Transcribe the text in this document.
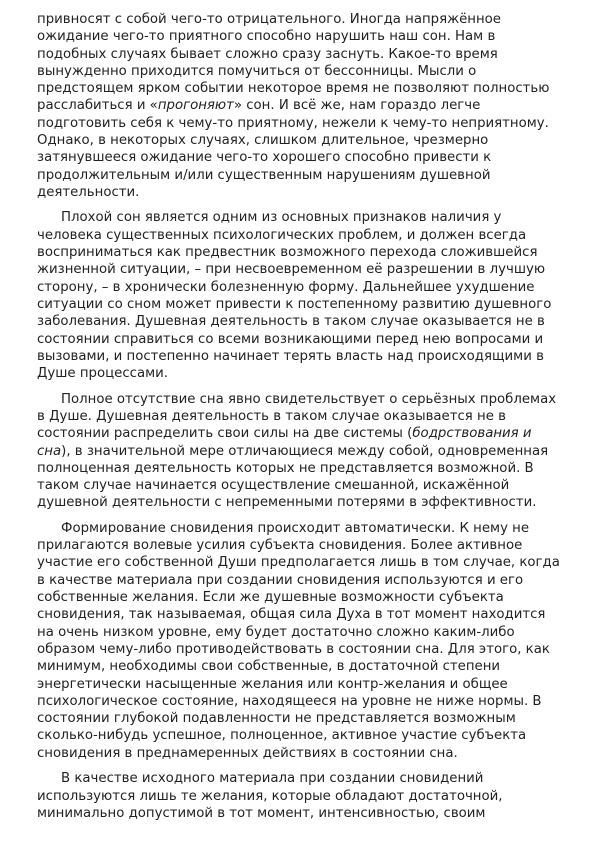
привносят с собой чего-то отрицательного. Иногда напряжённое
ожидание чего-то приятного способно нарушить наш сон. Нам в
подобных случаях бывает сложно сразу заснуть. Какое-то время
вынужденно приходится помучиться от бессонницы. Мысли о
предстоящем ярком событии некоторое время не позволяют полностью
расслабиться и «прогоняют» сон. И всё же, нам гораздо легче
подготовить себя к чему-то приятному, нежели к чему-то неприятному.
Однако, в некоторых случаях, слишком длительное, чрезмерно
затянувшееся ожидание чего-то хорошего способно привести к
продолжительным и/или существенным нарушениям душевной
деятельности.
Плохой сон является одним из основных признаков наличия у
человека существенных психологических проблем, и должен всегда
восприниматься как предвестник возможного перехода сложившейся
жизненной ситуации, – при несвоевременном её разрешении в лучшую
сторону, – в хронически болезненную форму. Дальнейшее ухудшение
ситуации со сном может привести к постепенному развитию душевного
заболевания. Душевная деятельность в таком случае оказывается не в
состоянии справиться со всеми возникающими перед нею вопросами и
вызовами, и постепенно начинает терять власть над происходящими в
Душе процессами.
Полное отсутствие сна явно свидетельствует о серьёзных проблемах
в Душе. Душевная деятельность в таком случае оказывается не в
состоянии распределить свои силы на две системы (бодрствования и
сна), в значительной мере отличающиеся между собой, одновременная
полноценная деятельность которых не представляется возможной. В
таком случае начинается осуществление смешанной, искажённой
душевной деятельности с непременными потерями в эффективности.
Формирование сновидения происходит автоматически. К нему не
прилагаются волевые усилия субъекта сновидения. Более активное
участие его собственной Души предполагается лишь в том случае, когда
в качестве материала при создании сновидения используются и его
собственные желания. Если же душевные возможности субъекта
сновидения, так называемая, общая сила Духа в тот момент находится
на очень низком уровне, ему будет достаточно сложно каким-либо
образом чему-либо противодействовать в состоянии сна. Для этого, как
минимум, необходимы свои собственные, в достаточной степени
энергетически насыщенные желания или контр-желания и общее
психологическое состояние, находящееся на уровне не ниже нормы. В
состоянии глубокой подавленности не представляется возможным
сколько-нибудь успешное, полноценное, активное участие субъекта
сновидения в преднамеренных действиях в состоянии сна.
В качестве исходного материала при создании сновидений
используются лишь те желания, которые обладают достаточной,
минимально допустимой в тот момент, интенсивностью, своим
